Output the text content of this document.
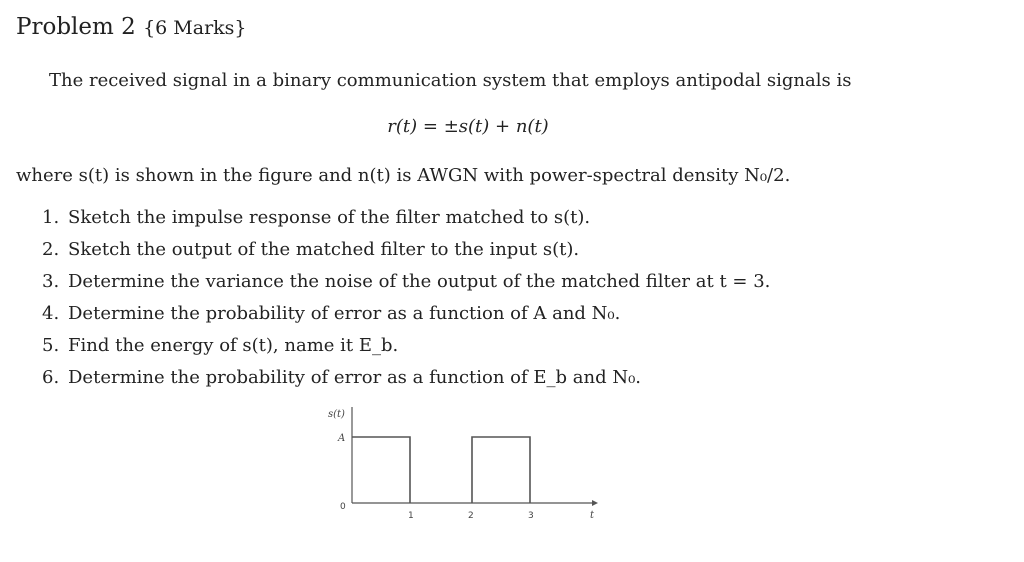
Problem 2 {6 Marks}
The received signal in a binary communication system that employs antipodal signals is
r(t) = ±s(t) + n(t)
where s(t) is shown in the figure and n(t) is AWGN with power-spectral density N₀/2.
1. Sketch the impulse response of the filter matched to s(t).
2. Sketch the output of the matched filter to the input s(t).
3. Determine the variance the noise of the output of the matched filter at t = 3.
4. Determine the probability of error as a function of A and N₀.
5. Find the energy of s(t), name it E_b.
6. Determine the probability of error as a function of E_b and N₀.
s(t)
A
0
1	2	3	t
